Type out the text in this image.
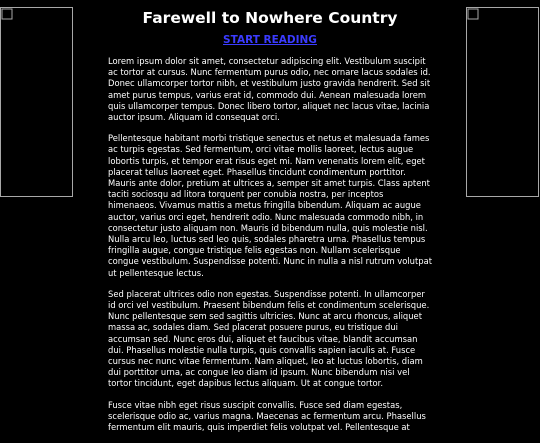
Farewell to Nowhere Country
START READING

Lorem ipsum dolor sit amet, consectetur adipiscing elit. Vestibulum suscipit ac tortor at cursus. Nunc fermentum purus odio, nec ornare lacus sodales id. Donec ullamcorper tortor nibh, et vestibulum justo gravida hendrerit. Sed sit amet purus tempus, varius erat id, commodo dui. Aenean malesuada lorem quis ullamcorper tempus. Donec libero tortor, aliquet nec lacus vitae, lacinia auctor ipsum. Aliquam id consequat orci.

Pellentesque habitant morbi tristique senectus et netus et malesuada fames ac turpis egestas. Sed fermentum, orci vitae mollis laoreet, lectus augue lobortis turpis, et tempor erat risus eget mi. Nam venenatis lorem elit, eget placerat tellus laoreet eget. Phasellus tincidunt condimentum porttitor. Mauris ante dolor, pretium at ultrices a, semper sit amet turpis. Class aptent taciti sociosqu ad litora torquent per conubia nostra, per inceptos himenaeos. Vivamus mattis a metus fringilla bibendum. Aliquam ac augue auctor, varius orci eget, hendrerit odio. Nunc malesuada commodo nibh, in consectetur justo aliquam non. Mauris id bibendum nulla, quis molestie nisl. Nulla arcu leo, luctus sed leo quis, sodales pharetra urna. Phasellus tempus fringilla augue, congue tristique felis egestas non. Nullam scelerisque congue vestibulum. Suspendisse potenti. Nunc in nulla a nisl rutrum volutpat ut pellentesque lectus.

Sed placerat ultrices odio non egestas. Suspendisse potenti. In ullamcorper id orci vel vestibulum. Praesent bibendum felis et condimentum scelerisque. Nunc pellentesque sem sed sagittis ultricies. Nunc at arcu rhoncus, aliquet massa ac, sodales diam. Sed placerat posuere purus, eu tristique dui accumsan sed. Nunc eros dui, aliquet et faucibus vitae, blandit accumsan dui. Phasellus molestie nulla turpis, quis convallis sapien iaculis at. Fusce cursus nec nunc vitae fermentum. Nam aliquet, leo at luctus lobortis, diam dui porttitor urna, ac congue leo diam id ipsum. Nunc bibendum nisi vel tortor tincidunt, eget dapibus lectus aliquam. Ut at congue tortor.

Fusce vitae nibh eget risus suscipit convallis. Fusce sed diam egestas, scelerisque odio ac, varius magna. Maecenas ac fermentum arcu. Phasellus fermentum elit mauris, quis imperdiet felis volutpat vel. Pellentesque at
